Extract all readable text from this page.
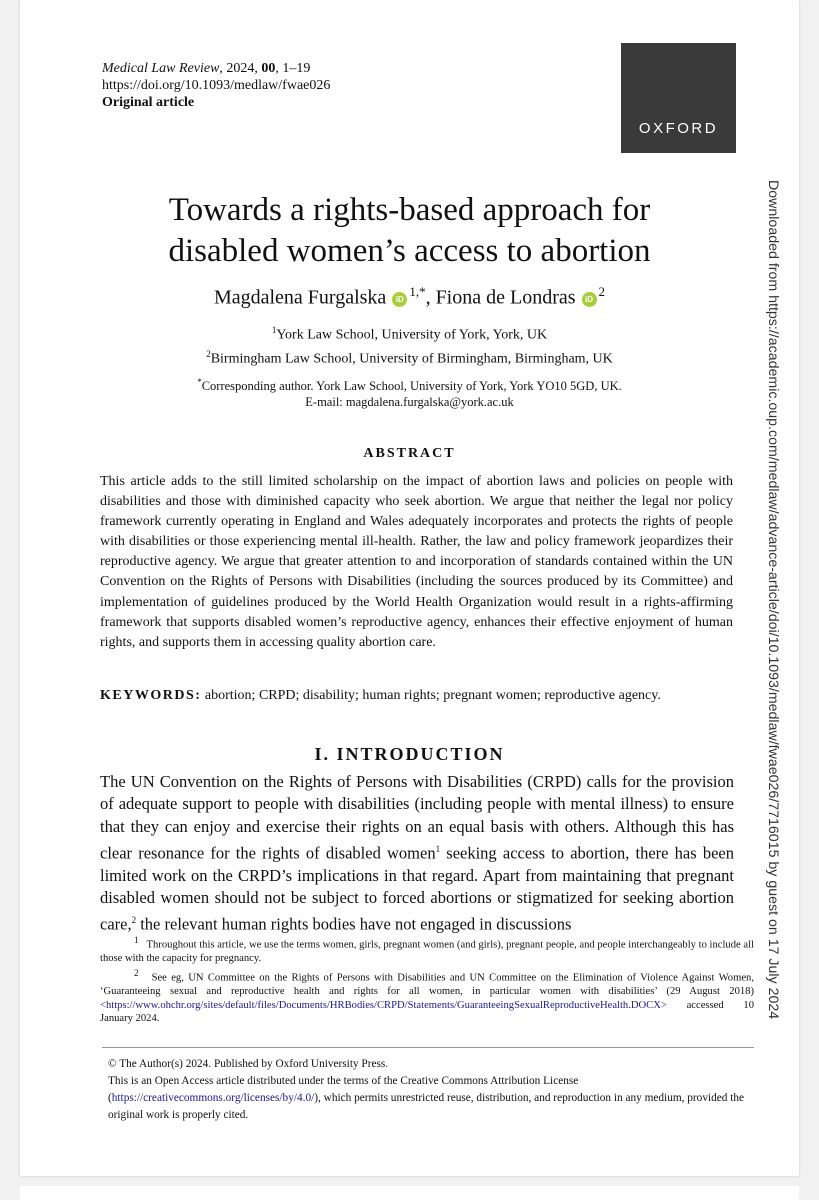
Medical Law Review, 2024, 00, 1–19
https://doi.org/10.1093/medlaw/fwae026
Original article
OXFORD
Towards a rights-based approach for
disabled women’s access to abortion
Magdalena Furgalska $iD^{1,*}$, Fiona de Londras $iD^2$
$^1$York Law School, University of York, York, UK
$^2$Birmingham Law School, University of Birmingham, Birmingham, UK
*Corresponding author. York Law School, University of York, York YO10 5GD, UK.
E-mail: magdalena.furgalska@york.ac.uk
ABSTRACT

This article adds to the still limited scholarship on the impact of abortion laws and policies on people with disabilities and those with diminished capacity who seek abortion. We argue that neither the legal nor policy framework currently operating in England and Wales adequately incorporates and protects the rights of people with disabilities or those experiencing mental ill-health. Rather, the law and policy framework jeopardizes their reproductive agency. We argue that greater attention to and incorporation of standards contained within the UN Convention on the Rights of Persons with Disabilities (including the sources produced by its Committee) and implementation of guidelines produced by the World Health Organization would result in a rights-affirming framework that supports disabled women’s reproductive agency, enhances their effective enjoyment of human rights, and supports them in accessing quality abortion care.

KEYWORDS: abortion; CRPD; disability; human rights; pregnant women; reproductive agency.
I. INTRODUCTION

The UN Convention on the Rights of Persons with Disabilities (CRPD) calls for the provision of adequate support to people with disabilities (including people with mental illness) to ensure that they can enjoy and exercise their rights on an equal basis with others. Although this has clear resonance for the rights of disabled women$^1$ seeking access to abortion, there has been limited work on the CRPD’s implications in that regard. Apart from maintaining that pregnant disabled women should not be subject to forced abortions or stigmatized for seeking abortion care,$^2$ the relevant human rights bodies have not engaged in discussions

$^1$ Throughout this article, we use the terms women, girls, pregnant women (and girls), pregnant people, and people interchangeably to include all those with the capacity for pregnancy.

$^2$ See eg, UN Committee on the Rights of Persons with Disabilities and UN Committee on the Elimination of Violence Against Women, ‘Guaranteeing sexual and reproductive health and rights for all women, in particular women with disabilities’ (29 August 2018) <https://www.ohchr.org/sites/default/files/Documents/HRBodies/CRPD/Statements/GuaranteeingSexualReproductiveHealth.DOCX> accessed 10 January 2024.

© The Author(s) 2024. Published by Oxford University Press.
This is an Open Access article distributed under the terms of the Creative Commons Attribution License (https://creativecommons.org/licenses/by/4.0/), which permits unrestricted reuse, distribution, and reproduction in any medium, provided the original work is properly cited.
Downloaded from https://academic.oup.com/medlaw/advance-article/doi/10.1093/medlaw/fwae026/7716015 by guest on 17 July 2024
